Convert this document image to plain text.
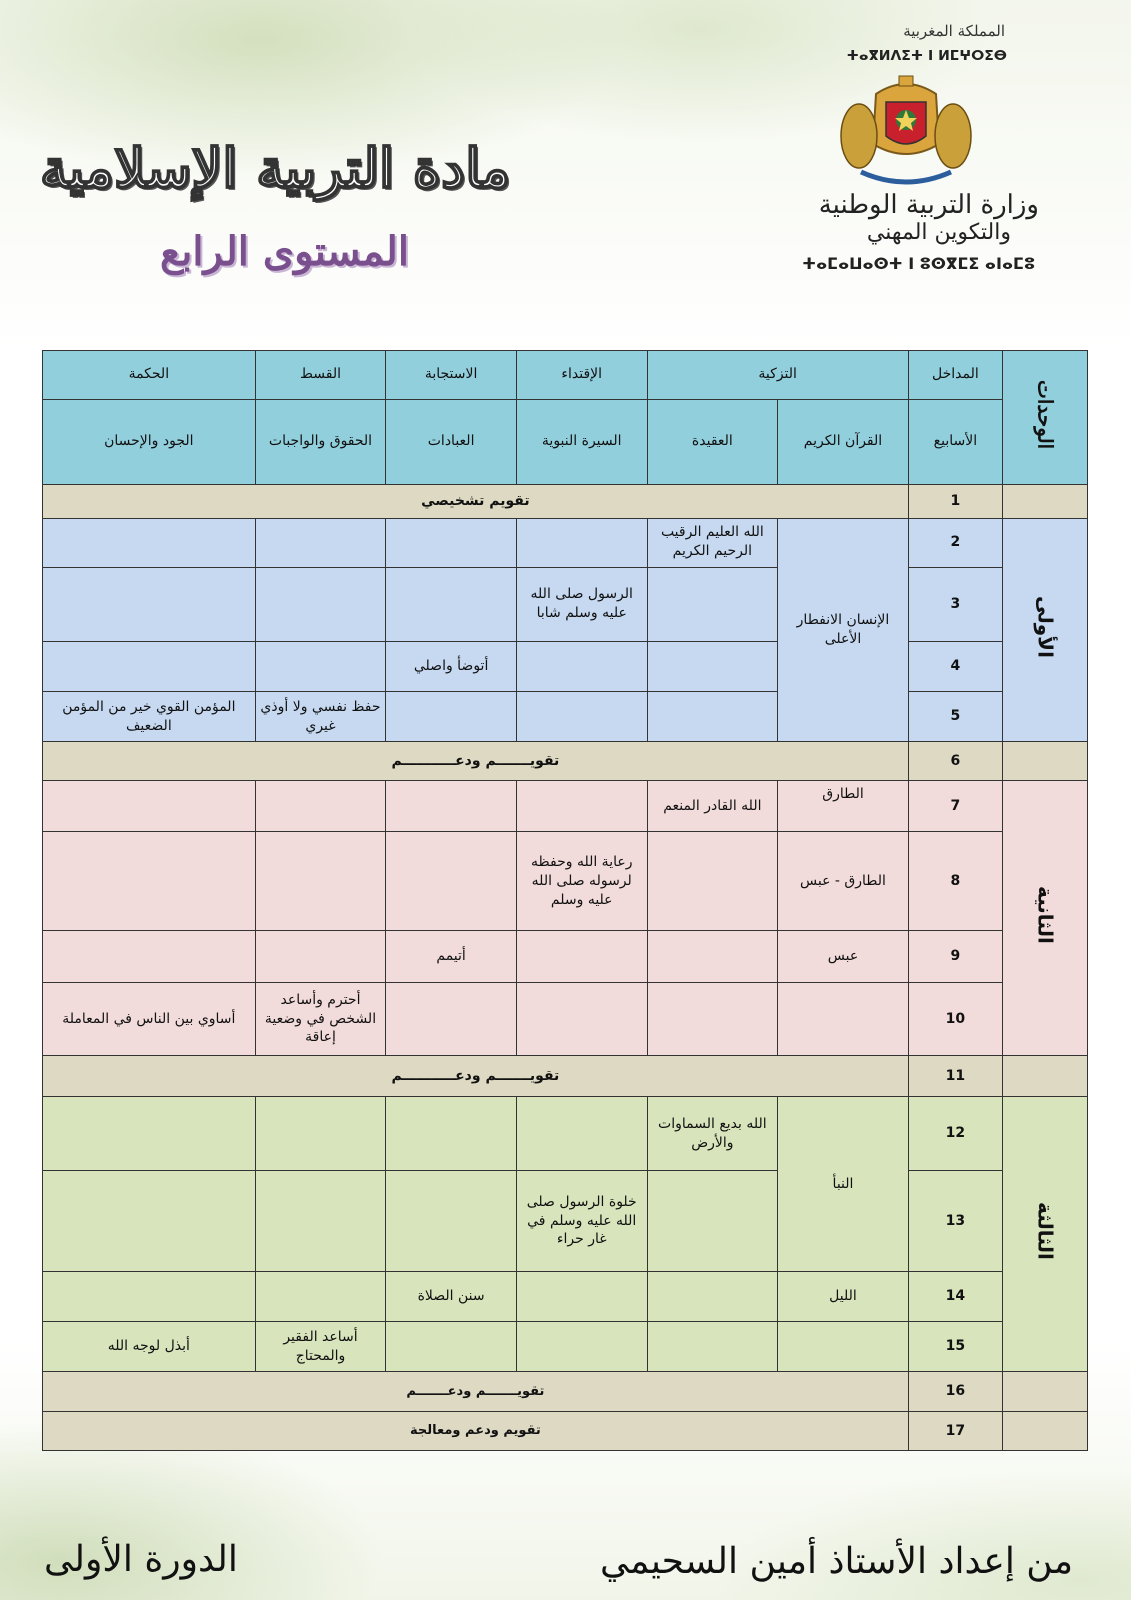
المملكة المغربية
ⵜⴰⴳⵍⴷⵉⵜ ⵏ ⵍⵎⵖⵔⵉⴱ
وزارة التربية الوطنية
والتكوين المهني
ⵜⴰⵎⴰⵡⴰⵙⵜ ⵏ ⵓⵙⴳⵎⵉ ⴰⵏⴰⵎⵓ
مادة التربية الإسلامية
المستوى الرابع
الوحدات	المداخل	التزكية		الإقتداء	الاستجابة	القسط	الحكمة
	الأسابيع	القرآن الكريم	العقيدة	السيرة النبوية	العبادات	الحقوق والواجبات	الجود والإحسان
	1	تقويم تشخيصي					
الأولى	2	الإنسان الانفطار الأعلى	الله العليم الرقيب الرحيم الكريم				
	3			الرسول صلى الله عليه وسلم شابا			
	4				أتوضأ واصلي		
	5					حفظ نفسي ولا أوذي غيري	المؤمن القوي خير من المؤمن الضعيف
	6	تقويـــــــم ودعـــــــــــم					
الثانية	7	الطارق	الله القادر المنعم				
	8	الطارق - عبس		رعاية الله وحفظه لرسوله صلى الله عليه وسلم			
	9	عبس			أتيمم		
	10					أحترم وأساعد الشخص في وضعية إعاقة	أساوي بين الناس في المعاملة
	11	تقويـــــــم ودعـــــــــــم					
الثالثة	12	النبأ	الله بديع السماوات والأرض				
	13			خلوة الرسول صلى الله عليه وسلم في غار حراء			
	14	الليل			سنن الصلاة		
	15					أساعد الفقير والمحتاج	أبذل لوجه الله
	16	تقويـــــــم ودعـــــــم					
	17	تقويم ودعم ومعالجة					
من إعداد الأستاذ أمين السحيمي
الدورة الأولى
